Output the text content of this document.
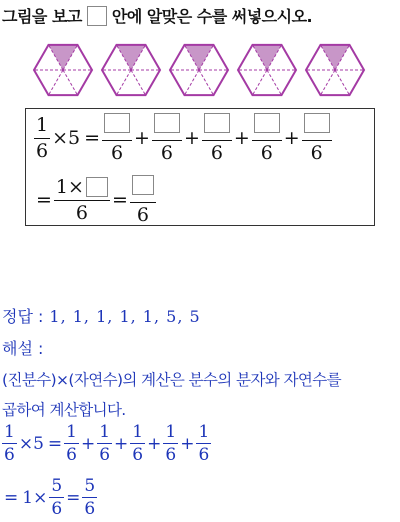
그림을 보고 안에 알맞은 수를 써넣으시오.
$\frac{1}{6} \times 5$ =
6
+
6
+
6
+
6
+
6
= $\frac{1\times}{6}$ =
6
정답 : 1, 1, 1, 1, 1, 5, 5
해설 :
(진분수)×(자연수)의 계산은 분수의 분자와 자연수를
곱하여 계산합니다.
$\frac{1}{6} \times 5 = \frac{1}{6} + \frac{1}{6} + \frac{1}{6} + \frac{1}{6} + \frac{1}{6}$
= $1\times \frac{5}{6} = \frac{5}{6}$
